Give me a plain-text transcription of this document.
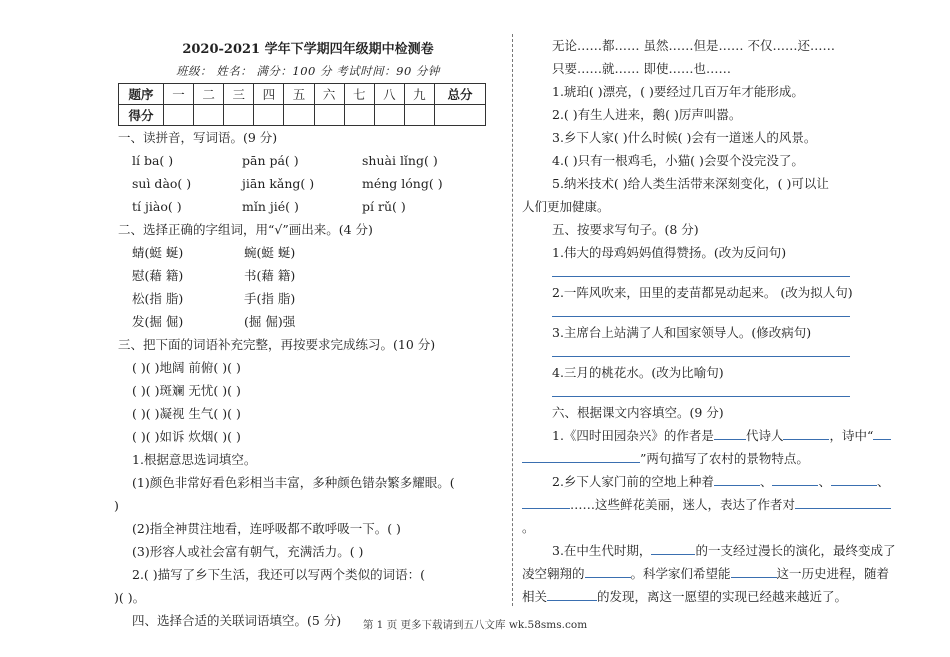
2020-2021 学年下学期四年级期中检测卷
班级： 姓名： 满分：100 分 考试时间：90 分钟
题序	一	二	三	四	五	六	七	八	九	总分
得分										
一、读拼音，写词语。(9 分)
lí ba( )	pān pá( )	shuài lǐng( )
suì dào( )	jiān kǎng( )	méng lóng( )
tí jiào( )	mǐn jié( )	pí rǔ( )
二、选择正确的字组词，用“√”画出来。(4 分)
蜻(蜓 蜒)	蜿(蜓 蜒)
慰(藉 籍)	书(藉 籍)
松(指 脂)	手(指 脂)
发(掘 倔)	(掘 倔)强
三、把下面的词语补充完整，再按要求完成练习。(10 分)
( )( )地阔 前俯( )( )
( )( )斑斓 无忧( )( )
( )( )凝视 生气( )( )
( )( )如诉 炊烟( )( )
1.根据意思选词填空。
(1)颜色非常好看色彩相当丰富，多种颜色错杂繁多耀眼。(
)
(2)指全神贯注地看，连呼吸都不敢呼吸一下。( )
(3)形容人或社会富有朝气，充满活力。( )
2.( )描写了乡下生活，我还可以写两个类似的词语：(
)( )。
四、选择合适的关联词语填空。(5 分)
无论……都…… 虽然……但是…… 不仅……还……
只要……就…… 即使……也……
1.琥珀( )漂亮，( )要经过几百万年才能形成。
2.( )有生人进来，鹅( )厉声叫嚣。
3.乡下人家( )什么时候( )会有一道迷人的风景。
4.( )只有一根鸡毛，小猫( )会耍个没完没了。
5.纳米技术( )给人类生活带来深刻变化，( )可以让
人们更加健康。
五、按要求写句子。(8 分)
1.伟大的母鸡妈妈值得赞扬。(改为反问句)
2.一阵风吹来，田里的麦苗都晃动起来。 (改为拟人句)
3.主席台上站满了人和国家领导人。(修改病句)
4.三月的桃花水。(改为比喻句)
六、根据课文内容填空。(9 分)
1.《四时田园杂兴》的作者是	代诗人	，诗中“
”两句描写了农村的景物特点。
2.乡下人家门前的空地上种着	、	、	、
……这些鲜花美丽，迷人，表达了作者对
。
3.在中生代时期，	的一支经过漫长的演化，最终变成了
凌空翱翔的	。科学家们希望能	这一历史进程，随着
相关	的发现，离这一愿望的实现已经越来越近了。
第 1 页 更多下载请到五八文库 wk.58sms.com
